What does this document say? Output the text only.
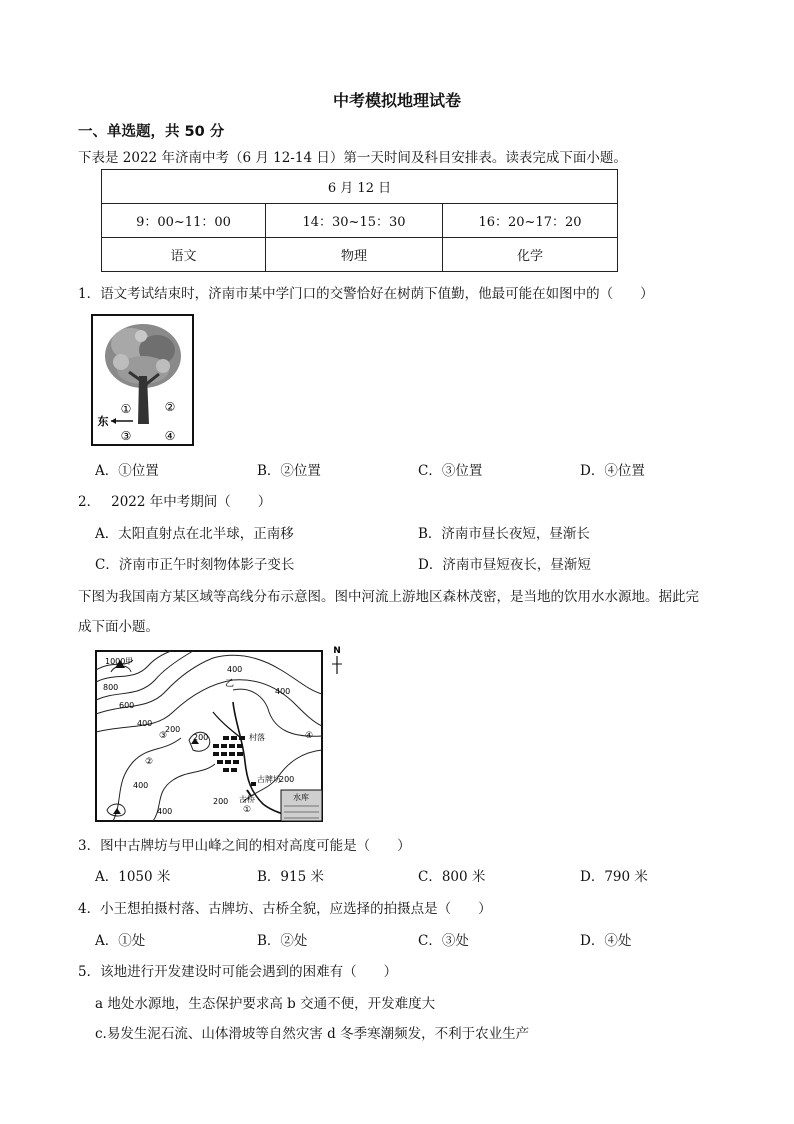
中考模拟地理试卷
一、单选题，共 50 分
下表是 2022 年济南中考（6 月 12-14 日）第一天时间及科目安排表。读表完成下面小题。
6 月 12 日		
9：00~11：00	14：30~15：30	16：20~17：20
语文	物理	化学
1．语文考试结束时，济南市某中学门口的交警恰好在树荫下值勤，他最可能在如图中的（　　）
①	②
③	④
东
A．①位置	B．②位置	C．③位置	D．④位置
2．　 2022 年中考期间（　　）
A．太阳直射点在北半球，正南移	B．济南市昼长夜短，昼渐长
C．济南市正午时刻物体影子变长	D．济南市昼短夜长，昼渐短
下图为我国南方某区域等高线分布示意图。图中河流上游地区森林茂密，是当地的饮用水水源地。据此完
成下面小题。
N
水库
1000 甲
800
600
400
400
200
400
200
200
200
400
400
乙
村落
古牌坊
古桥
③
②
①
④
3．图中古牌坊与甲山峰之间的相对高度可能是（　　）
A．1050 米	B．915 米	C．800 米	D．790 米
4．小王想拍摄村落、古牌坊、古桥全貌，应选择的拍摄点是（　　）
A．①处	B．②处	C．③处	D．④处
5．该地进行开发建设时可能会遇到的困难有（　　）
a 地处水源地，生态保护要求高 b 交通不便，开发难度大
c.易发生泥石流、山体滑坡等自然灾害 d 冬季寒潮频发，不利于农业生产
